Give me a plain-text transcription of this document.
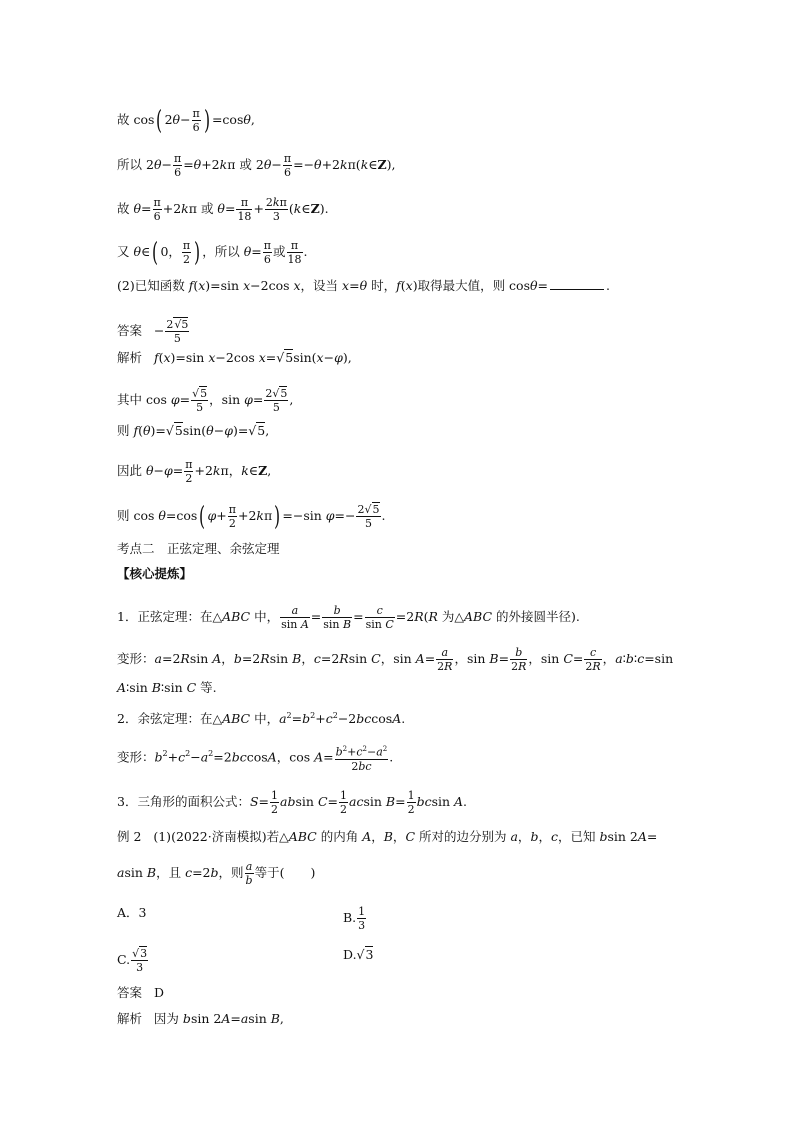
故 cos( $2\theta- \frac{\pi}{6}$ ) =cosθ,
所以 $2\theta- \frac{\pi}{6} =\theta+2k\pi$ 或 $2\theta- \frac{\pi}{6}$ =−θ+2kπ(k∈Z),
故 $\theta= \frac{\pi}{6} +2k\pi$ 或 $\theta= \frac{\pi}{18} + \frac{2k\pi}{3}$ (k∈Z).
又 θ∈( 0， $\frac{\pi}{2}$ ) ，所以 $\theta= \frac{\pi}{6}$ 或 $\frac{\pi}{18}$ .
(2)已知函数 f(x)=sin x−2cos x，设当 x=θ 时，f(x)取得最大值，则 cosθ=	.
答案   − $\frac{2√5}{5}$
解析 f(x)=sin x−2cos x=√5sin(x−φ),
其中 $\cos \varphi= \frac{√5}{5}$ ，$\sin \varphi= \frac{2√5}{5}$ ,
则 f(θ)=√5sin(θ−φ)=√5,
因此 $\theta-\varphi= \frac{\pi}{2} +2k\pi$，k∈Z,
则 cos θ=cos( $\varphi+ \frac{\pi}{2} +2k\pi) =-\sin$ $\varphi=- \frac{2√5}{5}$ .
考点二　正弦定理、余弦定理
【核心提炼】
1．正弦定理：在△ABC 中， $\frac{a}{\text{sin A}} = \frac{b}{\text{sin B}} = \frac{c}{\text{sin C}} =2R(R$ 为△ABC 的外接圆半径).
变形：a=2Rsin A，b=2Rsin B，c=2Rsin C，$\sin A= \frac{a}{2R}$ ，$\sin B= \frac{b}{2R}$ ，$\sin C= \frac{c}{2R}$ ，a∶b∶c=sin
A∶sin B∶sin C 等.
2．余弦定理：在△ABC 中，$a^2=b^2+c^2-2bccosA$.
变形：$b^2+c^2-a^2=2bccosA$，$\cos A= \frac{b^2+c^2-a^2}{2bc}$ .
3．三角形的面积公式：$S= \frac{1}{2}$ absin $C= \frac{1}{2}$ acsin $B= \frac{1}{2}$ bcsin A.
例 2   (1)(2022·济南模拟)若△ABC 的内角 A，B，C 所对的边分别为 a，b，c，已知 bsin 2A=
asin B，且 c=2b，则 $\frac{a}{b}$ 等于( )
A．3	B. $\frac{1}{3}$
C. $\frac{√3}{3}$	D.√3
答案 D
解析   因为 bsin 2A=asin B,
